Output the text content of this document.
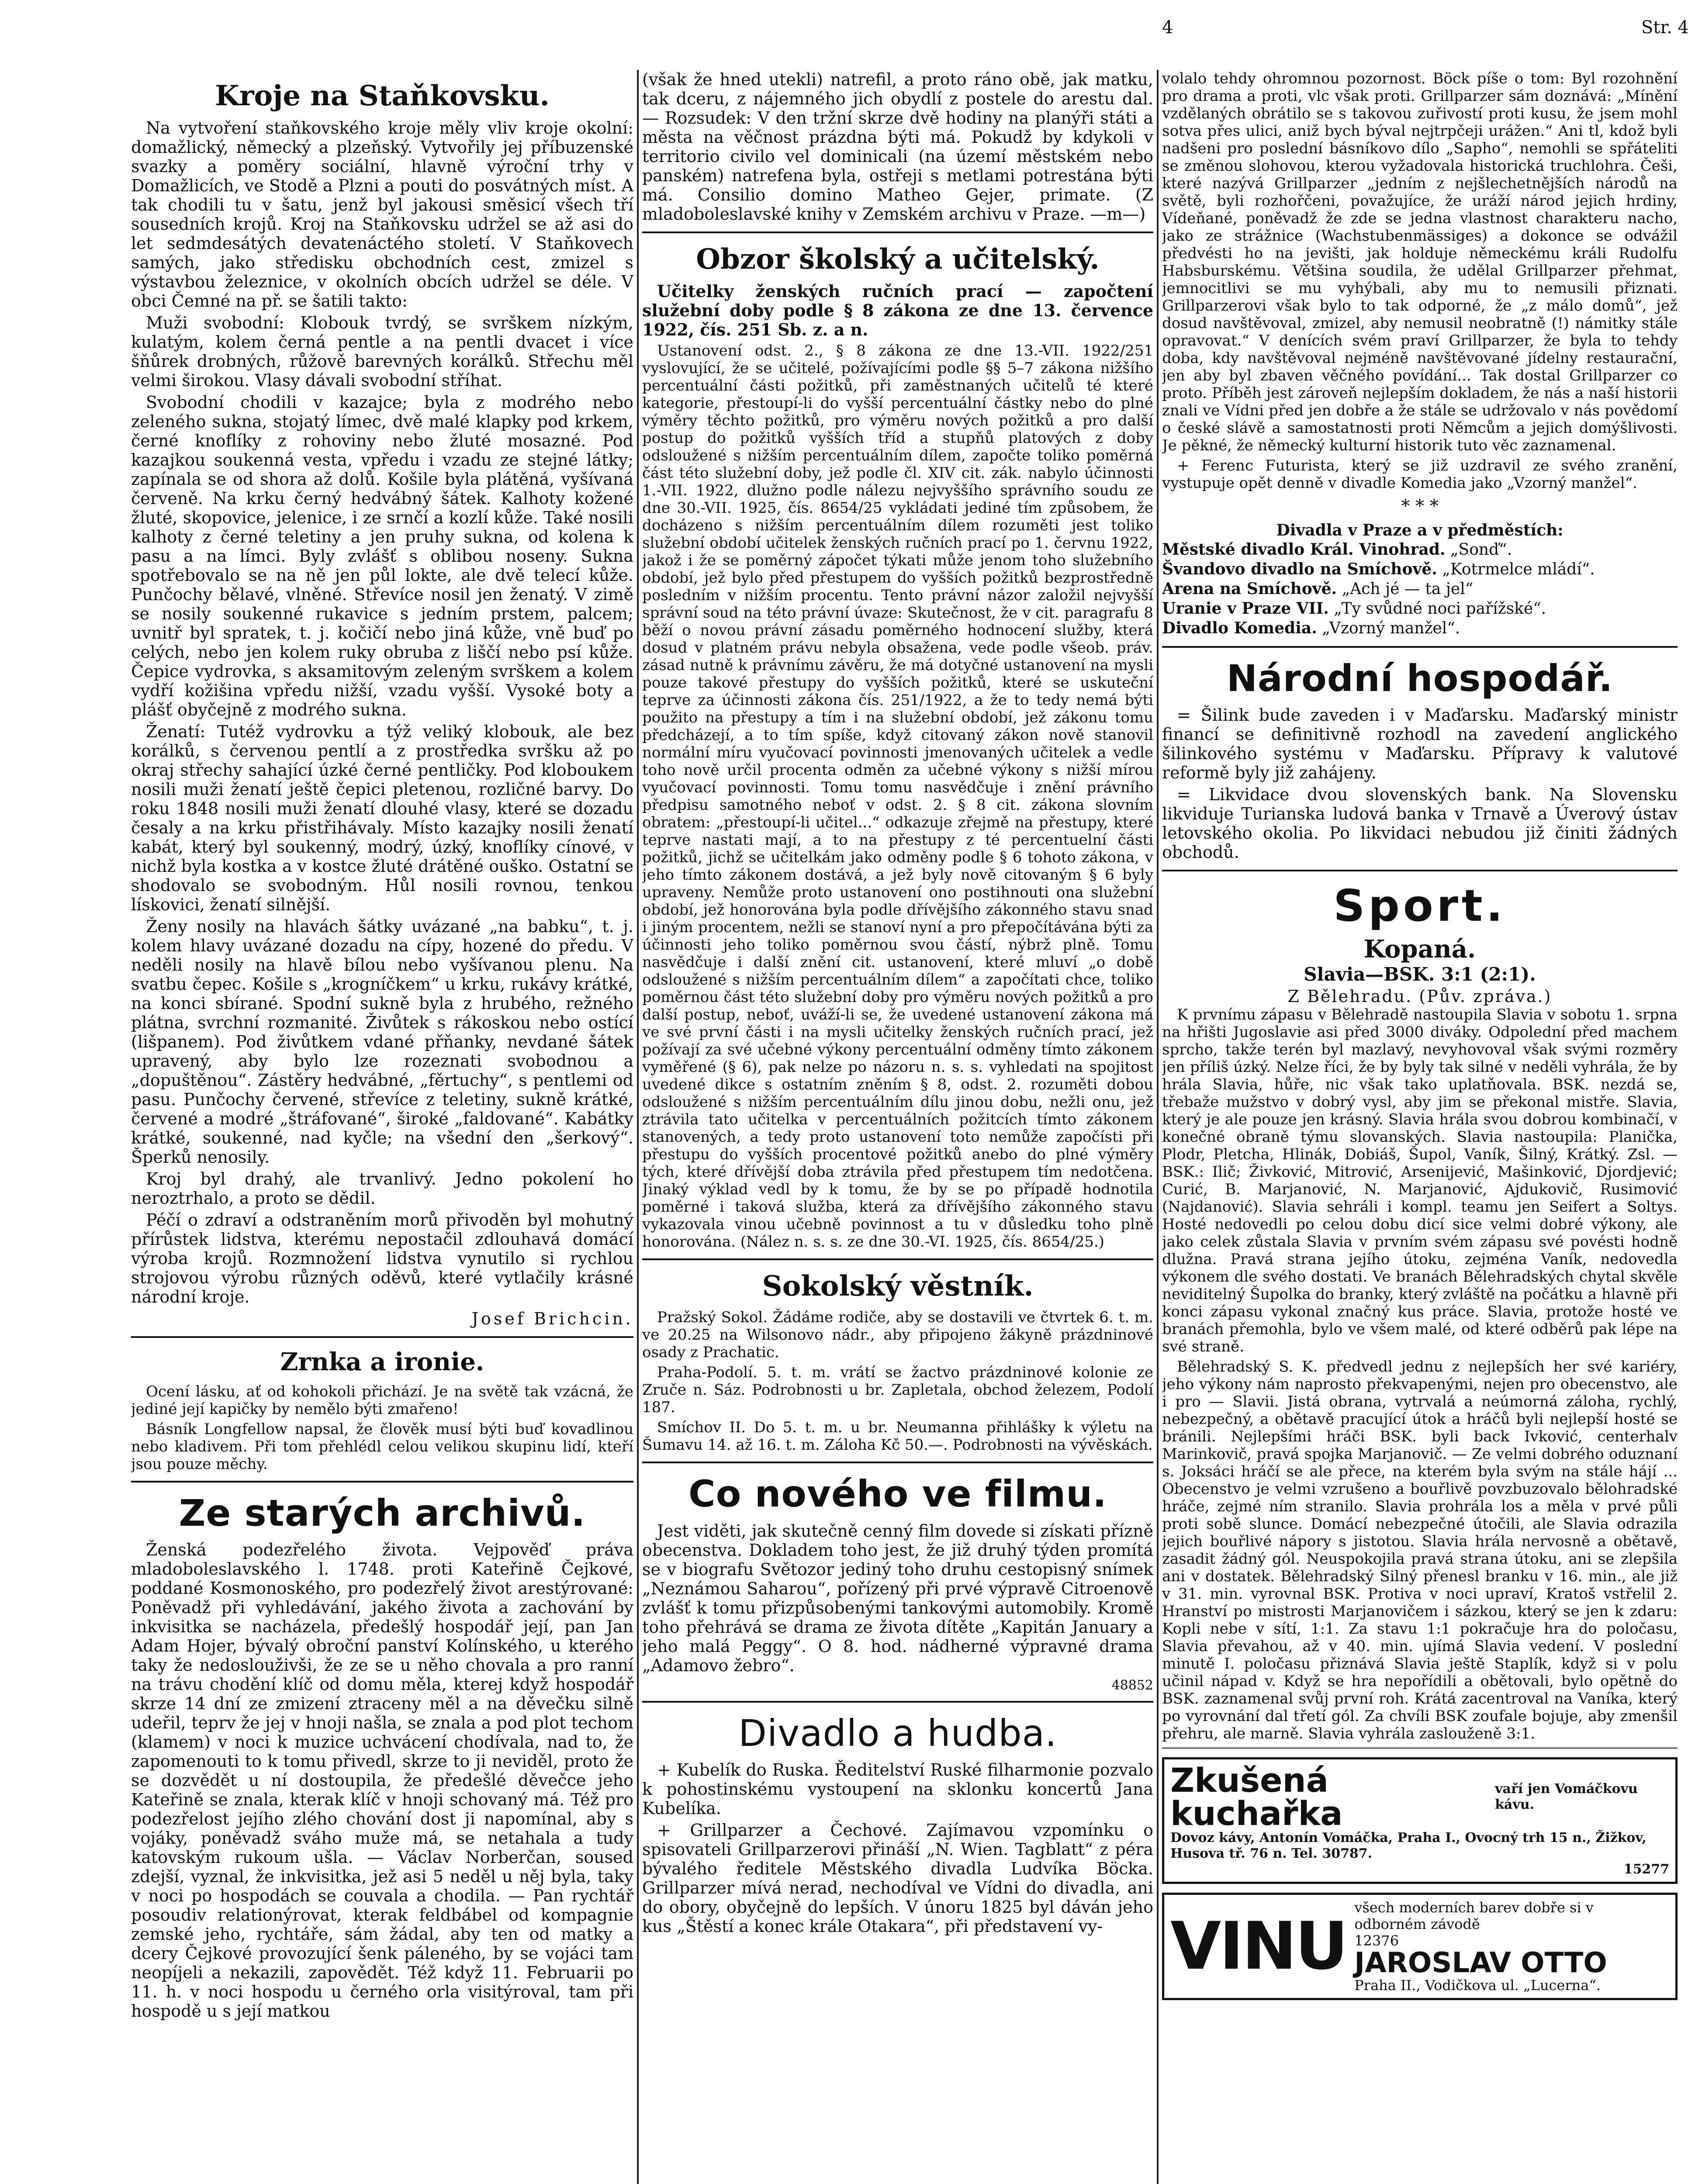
4	Str. 4
Kroje na Staňkovsku.

Na vytvoření staňkovského kroje měly vliv kroje okolní: domažlický, německý a plzeňský. Vytvořily jej příbuzenské svazky a poměry sociální, hlavně výroční trhy v Domažlicích, ve Stodě a Plzni a pouti do posvátných míst. A tak chodili tu v šatu, jenž byl jakousi směsicí všech tří sousedních krojů. Kroj na Staňkovsku udržel se až asi do let sedmdesátých devatenáctého století. V Staňkovech samých, jako středisku obchodních cest, zmizel s výstavbou železnice, v okolních obcích udržel se déle. V obci Čemné na př. se šatili takto:

Muži svobodní: Klobouk tvrdý, se svrškem nízkým, kulatým, kolem černá pentle a na pentli dvacet i více šňůrek drobných, růžově barevných korálků. Střechu měl velmi širokou. Vlasy dávali svobodní stříhat.

Svobodní chodili v kazajce; byla z modrého nebo zeleného sukna, stojatý límec, dvě malé klapky pod krkem, černé knoflíky z rohoviny nebo žluté mosazné. Pod kazajkou soukenná vesta, vpředu i vzadu ze stejné látky; zapínala se od shora až dolů. Košile byla plátěná, vyšívaná červeně. Na krku černý hedvábný šátek. Kalhoty kožené žluté, skopovice, jelenice, i ze srnčí a kozlí kůže. Také nosili kalhoty z černé teletiny a jen pruhy sukna, od kolena k pasu a na límci. Byly zvlášť s oblibou noseny. Sukna spotřebovalo se na ně jen půl lokte, ale dvě telecí kůže. Punčochy bělavé, vlněné. Střevíce nosil jen ženatý. V zimě se nosily soukenné rukavice s jedním prstem, palcem; uvnitř byl spratek, t. j. kočičí nebo jiná kůže, vně buď po celých, nebo jen kolem ruky obruba z liščí nebo psí kůže. Čepice vydrovka, s aksamitovým zeleným svrškem a kolem vydří kožišina vpředu nižší, vzadu vyšší. Vysoké boty a plášť obyčejně z modrého sukna.

Ženatí: Tutéž vydrovku a týž veliký klobouk, ale bez korálků, s červenou pentlí a z prostředka svršku až po okraj střechy sahající úzké černé pentličky. Pod kloboukem nosili muži ženatí ještě čepici pletenou, rozličné barvy. Do roku 1848 nosili muži ženatí dlouhé vlasy, které se dozadu česaly a na krku přistřihávaly. Místo kazajky nosili ženatí kabát, který byl soukenný, modrý, úzký, knoflíky cínové, v nichž byla kostka a v kostce žluté drátěné ouško. Ostatní se shodovalo se svobodným. Hůl nosili rovnou, tenkou lískovici, ženatí silnější.

Ženy nosily na hlavách šátky uvázané „na babku“, t. j. kolem hlavy uvázané dozadu na cípy, hozené do předu. V neděli nosily na hlavě bílou nebo vyšívanou plenu. Na svatbu čepec. Košile s „krogníčkem“ u krku, rukávy krátké, na konci sbírané. Spodní sukně byla z hrubého, režného plátna, svrchní rozmanité. Živůtek s rákoskou nebo ostící (lišpanem). Pod živůtkem vdané přňanky, nevdané šátek upravený, aby bylo lze rozeznati svobodnou a „dopuštěnou“. Zástěry hedvábné, „fěrtuchy“, s pentlemi od pasu. Punčochy červené, střevíce z teletiny, sukně krátké, červené a modré „štráfované“, široké „faldované“. Kabátky krátké, soukenné, nad kyčle; na všední den „šerkový“. Šperků nenosily.

Kroj byl drahý, ale trvanlivý. Jedno pokolení ho neroztrhalo, a proto se dědil.

Péčí o zdraví a odstraněním morů přivoděn byl mohutný přírůstek lidstva, kterému nepostačil zdlouhavá domácí výroba krojů. Rozmnožení lidstva vynutilo si rychlou strojovou výrobu různých oděvů, které vytlačily krásné národní kroje.

Josef Brichcin.
Zrnka a ironie.

Ocení lásku, ať od kohokoli přichází. Je na světě tak vzácná, že jediné její kapičky by nemělo býti zmařeno!

Básník Longfellow napsal, že člověk musí býti buď kovadlinou nebo kladivem. Při tom přehlédl celou velikou skupinu lidí, kteří jsou pouze měchy.

Ze starých archivů.

Ženská podezřelého života. Vejpověď práva mladoboleslavského l. 1748. proti Kateřině Čejkové, poddané Kosmonoského, pro podezřelý život arestýrované: Poněvadž při vyhledávání, jakého života a zachování by inkvisitka se nacházela, předešlý hospodář její, pan Jan Adam Hojer, bývalý obroční panství Kolínského, u kterého taky že nedoslouživši, že ze se u něho chovala a pro ranní na trávu chodění klíč od domu měla, kterej když hospodář skrze 14 dní ze zmizení ztraceny měl a na děvečku silně udeřil, teprv že jej v hnoji našla, se znala a pod plot techom (klamem) v noci k muzice uchvácení chodívala, nad to, že zapomenouti to k tomu přivedl, skrze to ji neviděl, proto že se dozvědět u ní dostoupila, že předešlé děvečce jeho Kateřině se znala, kterak klíč v hnoji schovaný má. Též pro podezřelost jejího zlého chování dost ji napomínal, aby s vojáky, poněvadž sváho muže má, se netahala a tudy katovským rukoum ušla. — Václav Norberčan, soused zdejší, vyznal, že inkvisitka, jež asi 5 neděl u něj byla, taky v noci po hospodách se couvala a chodila. — Pan rychtář posoudiv relationýrovat, kterak feldbábel od kompagnie zemské jeho, rychtáře, sám žádal, aby ten od matky a dcery Čejkové provozující šenk páleného, by se vojáci tam neopíjeli a nekazili, zapovědět. Též když 11. Februarii po 11. h. v noci hospodu u černého orla visitýroval, tam při hospodě u s její matkou

(však že hned utekli) natrefil, a proto ráno obě, jak matku, tak dceru, z nájemného jich obydlí z postele do arestu dal. — Rozsudek: V den tržní skrze dvě hodiny na planýři státi a města na věčnost prázdna býti má. Pokudž by kdykoli v territorio civilo vel dominicali (na území městském nebo panském) natrefena byla, ostřeji s metlami potrestána býti má. Consilio domino Matheo Gejer, primate. (Z mladoboleslavské knihy v Zemském archivu v Praze. —m—)

Obzor školský a učitelský.

Učitelky ženských ručních prací — započtení služební doby podle § 8 zákona ze dne 13. července 1922, čís. 251 Sb. z. a n.

Ustanovení odst. 2., § 8 zákona ze dne 13.-VII. 1922/251 vyslovující, že se učitelé, požívajícími podle §§ 5–7 zákona nižšího percentuální části požitků, při zaměstnaných učitelů té které kategorie, přestoupí-li do vyšší percentuální částky nebo do plné výměry těchto požitků, pro výměru nových požitků a pro další postup do požitků vyšších tříd a stupňů platových z doby odsloužené s nižším percentuálním dílem, započte toliko poměrná část této služební doby, jež podle čl. XIV cit. zák. nabylo účinnosti 1.-VII. 1922, dlužno podle nálezu nejvyššího správního soudu ze dne 30.-VII. 1925, čís. 8654/25 vykládati jediné tím způsobem, že docházeno s nižším percentuálním dílem rozuměti jest toliko služební období učitelek ženských ručních prací po 1. červnu 1922, jakož i že se poměrný zápočet týkati může jenom toho služebního období, jež bylo před přestupem do vyšších požitků bezprostředně posledním v nižším procentu. Tento právní názor založil nejvyšší správní soud na této právní úvaze: Skutečnost, že v cit. paragrafu 8 běží o novou právní zásadu poměrného hodnocení služby, která dosud v platném právu nebyla obsažena, vede podle všeob. práv. zásad nutně k právnímu závěru, že má dotyčné ustanovení na mysli pouze takové přestupy do vyšších požitků, které se uskuteční teprve za účinnosti zákona čís. 251/1922, a že to tedy nemá býti použito na přestupy a tím i na služební období, jež zákonu tomu předcházejí, a to tím spíše, když citovaný zákon nově stanovil normální míru vyučovací povinnosti jmenovaných učitelek a vedle toho nově určil procenta odměn za učebné výkony s nižší mírou vyučovací povinnosti. Tomu tomu nasvědčuje i znění právního předpisu samotného neboť v odst. 2. § 8 cit. zákona slovním obratem: „přestoupí-li učitel...“ odkazuje zřejmě na přestupy, které teprve nastati mají, a to na přestupy z té percentuelní části požitků, jichž se učitelkám jako odměny podle § 6 tohoto zákona, v jeho tímto zákonem dostává, a jež byly nově citovaným § 6 byly upraveny. Nemůže proto ustanovení ono postihnouti ona služební období, jež honorována byla podle dřívějšího zákonného stavu snad i jiným procentem, nežli se stanoví nyní a pro přepočítávána býti za účinnosti jeho toliko poměrnou svou částí, nýbrž plně. Tomu nasvědčuje i další znění cit. ustanovení, které mluví „o době odsloužené s nižším percentuálním dílem“ a započítati chce, toliko poměrnou část této služební doby pro výměru nových požitků a pro další postup, neboť, uváží-li se, že uvedené ustanovení zákona má ve své první části i na mysli učitelky ženských ručních prací, jež požívají za své učebné výkony percentuální odměny tímto zákonem vyměřené (§ 6), pak nelze po názoru n. s. s. vyhledati na spojitost uvedené dikce s ostatním zněním § 8, odst. 2. rozuměti dobou odsloužené s nižším percentuálním dílu jinou dobu, nežli onu, jež ztrávila tato učitelka v percentuálních požitcích tímto zákonem stanovených, a tedy proto ustanovení toto nemůže započísti při přestupu do vyšších procentové požitků anebo do plné výměry tých, které dřívější doba ztrávila před přestupem tím nedotčena. Jinaký výklad vedl by k tomu, že by se po případě hodnotila poměrné i taková služba, která za dřívějšího zákonného stavu vykazovala vinou učebně povinnost a tu v důsledku toho plně honorována. (Nález n. s. s. ze dne 30.-VI. 1925, čís. 8654/25.)

Sokolský věstník.

Pražský Sokol. Žádáme rodiče, aby se dostavili ve čtvrtek 6. t. m. ve 20.25 na Wilsonovo nádr., aby připojeno žákyně prázdninové osady z Prachatic.

Praha-Podolí. 5. t. m. vrátí se žactvo prázdninové kolonie ze Zruče n. Sáz. Podrobnosti u br. Zapletala, obchod železem, Podolí 187.

Smíchov II. Do 5. t. m. u br. Neumanna přihlášky k výletu na Šumavu 14. až 16. t. m. Záloha Kč 50.—. Podrobnosti na vývěskách.

Co nového ve filmu.

Jest viděti, jak skutečně cenný film dovede si získati přízně obecenstva. Dokladem toho jest, že již druhý týden promítá se v biografu Světozor jediný toho druhu cestopisný snímek „Neznámou Saharou“, pořízený při prvé výpravě Citroenově zvlášť k tomu přizpůsobenými tankovými automobily. Kromě toho přehrává se drama ze života dítěte „Kapitán January a jeho malá Peggy“. O 8. hod. nádherné výpravné drama „Adamovo žebro“.

48852
Divadlo a hudba.

+ Kubelík do Ruska. Ředitelství Ruské filharmonie pozvalo k pohostinskému vystoupení na sklonku koncertů Jana Kubelíka.

+ Grillparzer a Čechové. Zajímavou vzpomínku o spisovateli Grillparzerovi přináší „N. Wien. Tagblatt“ z péra bývalého ředitele Městského divadla Ludvíka Böcka. Grillparzer mívá nerad, nechodíval ve Vídni do divadla, ani do obory, obyčejně do lepších. V únoru 1825 byl dáván jeho kus „Štěstí a konec krále Otakara“, při představení vy-

volalo tehdy ohromnou pozornost. Böck píše o tom: Byl rozohnění pro drama a proti, vlc však proti. Grillparzer sám doznává: „Mínění vzdělaných obrátilo se s takovou zuřivostí proti kusu, že jsem mohl sotva přes ulici, aniž bych býval nejtrpčeji urážen.“ Ani tl, kdož byli nadšeni pro poslední básníkovo dílo „Sapho“, nemohli se spřáteliti se změnou slohovou, kterou vyžadovala historická truchlohra. Češi, které nazývá Grillparzer „jedním z nejšlechetnějších národů na světě, byli rozhořčeni, považujíce, že uráží národ jejich hrdiny, Vídeňané, poněvadž že zde se jedna vlastnost charakteru nacho, jako ze strážnice (Wachstubenmässiges) a dokonce se odvážil předvésti ho na jevišti, jak holduje německému králi Rudolfu Habsburskému. Většina soudila, že udělal Grillparzer přehmat, jemnocitlivi se mu vyhýbali, aby mu to nemusili přiznati. Grillparzerovi však bylo to tak odporné, že „z málo domů“, jež dosud navštěvoval, zmizel, aby nemusil neobratně (!) námitky stále opravovat.“ V denících svém praví Grillparzer, že byla to tehdy doba, kdy navštěvoval nejméně navštěvované jídelny restaurační, jen aby byl zbaven věčného povídání... Tak dostal Grillparzer co proto. Příběh jest zároveň nejlepším dokladem, že nás a naší historii znali ve Vídni před jen dobře a že stále se udržovalo v nás povědomí o české slávě a samostatnosti proti Němcům a jejich domýšlivosti. Je pěkné, že německý kulturní historik tuto věc zaznamenal.

+ Ferenc Futurista, který se již uzdravil ze svého zranění, vystupuje opět denně v divadle Komedia jako „Vzorný manžel“.

* * *
Divadla v Praze a v předměstích:
Městské divadlo Král. Vinohrad. „Sonď“.
Švandovo divadlo na Smíchově. „Kotrmelce mládí“.
Arena na Smíchově. „Ach jé — ta jel“
Uranie v Praze VII. „Ty svůdné noci pařížské“.
Divadlo Komedia. „Vzorný manžel“.
Národní hospodář.

= Šilink bude zaveden i v Maďarsku. Maďarský ministr financí se definitivně rozhodl na zavedení anglického šilinkového systému v Maďarsku. Přípravy k valutové reformě byly již zahájeny.

= Likvidace dvou slovenských bank. Na Slovensku likviduje Turianska ludová banka v Trnavě a Úverový ústav letovského okolia. Po likvidaci nebudou již činiti žádných obchodů.

Sport.
Kopaná.
Slavia—BSK. 3:1 (2:1).
Z Bělehradu. (Pův. zpráva.)

K prvnímu zápasu v Bělehradě nastoupila Slavia v sobotu 1. srpna na hřišti Jugoslavie asi před 3000 diváky. Odpolední před machem sprcho, takže terén byl mazlavý, nevyhovoval však svými rozměry jen příliš úzký. Nelze říci, že by byly tak silné v neděli vyhrála, že by hrála Slavia, hůře, nic však tako uplatňovala. BSK. nezdá se, třebaže mužstvo v dobrý vysl, aby jim se překonal mistře. Slavia, který je ale pouze jen krásný. Slavia hrála svou dobrou kombinačí, v konečné obraně týmu slovanských. Slavia nastoupila: Planička, Plodr, Pletcha, Hlinák, Dobiáš, Šupol, Vaník, Šilný, Krátký. Zsl. — BSK.: Ilič; Živković, Mitrović, Arsenijević, Mašinković, Djordjević; Curić, B. Marjanović, N. Marjanović, Ajdukovič, Rusimović (Najdanović). Slavia sehráli i kompl. teamu jen Seifert a Soltys. Hosté nedovedli po celou dobu dicí sice velmi dobré výkony, ale jako celek zůstala Slavia v prvním svém zápasu své povésti hodně dlužna. Pravá strana jejího útoku, zejména Vaník, nedovedla výkonem dle svého dostati. Ve branách Bělehradských chytal skvěle neviditelný Šupolka do branky, který zvláště na počátku a hlavně při konci zápasu vykonal značný kus práce. Slavia, protože hosté ve branách přemohla, bylo ve všem malé, od které odběrů pak lépe na své straně.

Bělehradský S. K. předvedl jednu z nejlepších her své kariéry, jeho výkony nám naprosto překvapenými, nejen pro obecenstvo, ale i pro — Slavii. Jistá obrana, vytrvalá a neúmorná záloha, rychlý, nebezpečný, a obětavě pracující útok a hráčů byli nejlepší hosté se bránili. Nejlepšími hráči BSK. byli back Ivković, centerhalv Marinkovič, pravá spojka Marjanovič. — Ze velmi dobrého oduznaní s. Joksáci hráčí se ale přece, na kterém byla svým na stále hájí ... Obecenstvo je velmi vzrušeno a bouřlivě povzbuzovalo bělohradské hráče, zejmé ním stranilo. Slavia prohrála los a měla v prvé půli proti sobě slunce. Domácí nebezpečné útočili, ale Slavia odrazila jejich bouřlivé nápory s jistotou. Slavia hrála nervosně a obětavě, zasadit žádný gól. Neuspokojila pravá strana útoku, ani se zlepšila ani v dostatek. Bělehradský Silný přenesl branku v 16. min., ale již v 31. min. vyrovnal BSK. Protiva v noci upraví, Kratoš vstřelil 2. Hranství po mistrosti Marjanovičem i sázkou, který se jen k zdaru: Kopli nebe v sítí, 1:1. Za stavu 1:1 pokračuje hra do poločasu, Slavia převahou, až v 40. min. ujímá Slavia vedení. V poslední minutě I. poločasu přiznává Slavia ještě Staplík, když si v polu učinil nápad v. Když se hra nepořídili a obětovali, bylo opětně do BSK. zaznamenal svůj první roh. Krátá zacentroval na Vaníka, který po vyrovnání dal třetí gól. Za chvíli BSK zoufale bojuje, aby zmenšil přehru, ale marně. Slavia vyhrála zaslouženě 3:1.

Zkušená kuchařka
vaří jen Vomáčkovu kávu.
Dovoz kávy, Antonín Vomáčka, Praha I., Ovocný trh 15 n., Žižkov, Husova tř. 76 n. Tel. 30787.
15277
VINU
všech moderních barev dobře si v odborném závodě
12376
JAROSLAV OTTO
Praha II., Vodičkova ul. „Lucerna“.
